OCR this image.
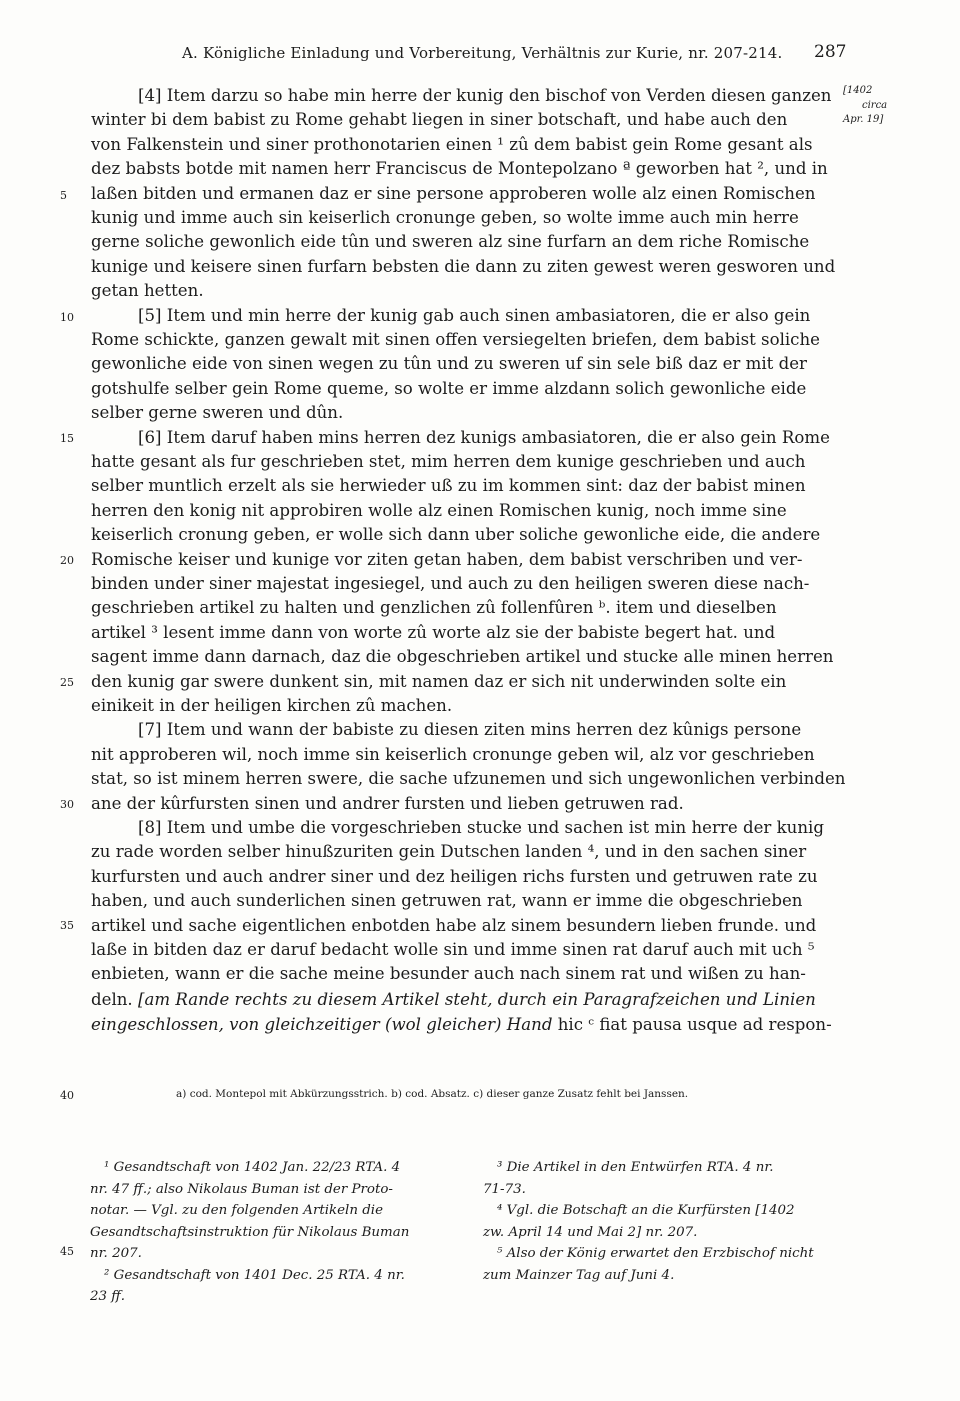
A. Königliche Einladung und Vorbereitung, Verhältnis zur Kurie, nr. 207-214. 287
[1402
circa
Apr. 19]
[4] Item darzu so habe min herre der kunig den bischof von Verden diesen ganzen
winter bi dem babist zu Rome gehabt liegen in siner botschaft, und habe auch den
von Falkenstein und siner prothonotarien einen ¹ zû dem babist gein Rome gesant als
dez babsts botde mit namen herr Franciscus de Montepolzano ª geworben hat ², und in
laßen bitden und ermanen daz er sine persone approberen wolle alz einen Romischen
kunig und imme auch sin keiserlich cronunge geben, so wolte imme auch min herre
gerne soliche gewonlich eide tûn und sweren alz sine furfarn an dem riche Romische
kunige und keisere sinen furfarn bebsten die dann zu ziten gewest weren gesworen und
getan hetten.
[5] Item und min herre der kunig gab auch sinen ambasiatoren, die er also gein
Rome schickte, ganzen gewalt mit sinen offen versiegelten briefen, dem babist soliche
gewonliche eide von sinen wegen zu tûn und zu sweren uf sin sele biß daz er mit der
gotshulfe selber gein Rome queme, so wolte er imme alzdann solich gewonliche eide
selber gerne sweren und dûn.
[6] Item daruf haben mins herren dez kunigs ambasiatoren, die er also gein Rome
hatte gesant als fur geschrieben stet, mim herren dem kunige geschrieben und auch
selber muntlich erzelt als sie herwieder uß zu im kommen sint: daz der babist minen
herren den konig nit approbiren wolle alz einen Romischen kunig, noch imme sine
keiserlich cronung geben, er wolle sich dann uber soliche gewonliche eide, die andere
Romische keiser und kunige vor ziten getan haben, dem babist verschriben und ver-
binden under siner majestat ingesiegel, und auch zu den heiligen sweren diese nach-
geschrieben artikel zu halten und genzlichen zû follenfûren ᵇ. item und dieselben
artikel ³ lesent imme dann von worte zû worte alz sie der babiste begert hat. und
sagent imme dann darnach, daz die obgeschrieben artikel und stucke alle minen herren
den kunig gar swere dunkent sin, mit namen daz er sich nit underwinden solte ein
einikeit in der heiligen kirchen zû machen.
[7] Item und wann der babiste zu diesen ziten mins herren dez kûnigs persone
nit approberen wil, noch imme sin keiserlich cronunge geben wil, alz vor geschrieben
stat, so ist minem herren swere, die sache ufzunemen und sich ungewonlichen verbinden
ane der kûrfursten sinen und andrer fursten und lieben getruwen rad.
[8] Item und umbe die vorgeschrieben stucke und sachen ist min herre der kunig
zu rade worden selber hinußzuriten gein Dutschen landen ⁴, und in den sachen siner
kurfursten und auch andrer siner und dez heiligen richs fursten und getruwen rate zu
haben, und auch sunderlichen sinen getruwen rat, wann er imme die obgeschrieben
artikel und sache eigentlichen enbotden habe alz sinem besundern lieben frunde. und
laße in bitden daz er daruf bedacht wolle sin und imme sinen rat daruf auch mit uch ⁵
enbieten, wann er die sache meine besunder auch nach sinem rat und wißen zu han-
5
10
15
20
25
30
35
40
45
deln. [am Rande rechts zu diesem Artikel steht, durch ein Paragrafzeichen und Linien
eingeschlossen, von gleichzeitiger (wol gleicher) Hand hic ᶜ fiat pausa usque ad respon-
a) cod. Montepol mit Abkürzungsstrich. b) cod. Absatz. c) dieser ganze Zusatz fehlt bei Janssen.
¹ Gesandtschaft von 1402 Jan. 22/23 RTA. 4
nr. 47 ff.; also Nikolaus Buman ist der Proto-
notar. — Vgl. zu den folgenden Artikeln die
Gesandtschaftsinstruktion für Nikolaus Buman
nr. 207.
² Gesandtschaft von 1401 Dec. 25 RTA. 4 nr.
23 ff.
³ Die Artikel in den Entwürfen RTA. 4 nr.
71-73.
⁴ Vgl. die Botschaft an die Kurfürsten [1402
zw. April 14 und Mai 2] nr. 207.
⁵ Also der König erwartet den Erzbischof nicht
zum Mainzer Tag auf Juni 4.
